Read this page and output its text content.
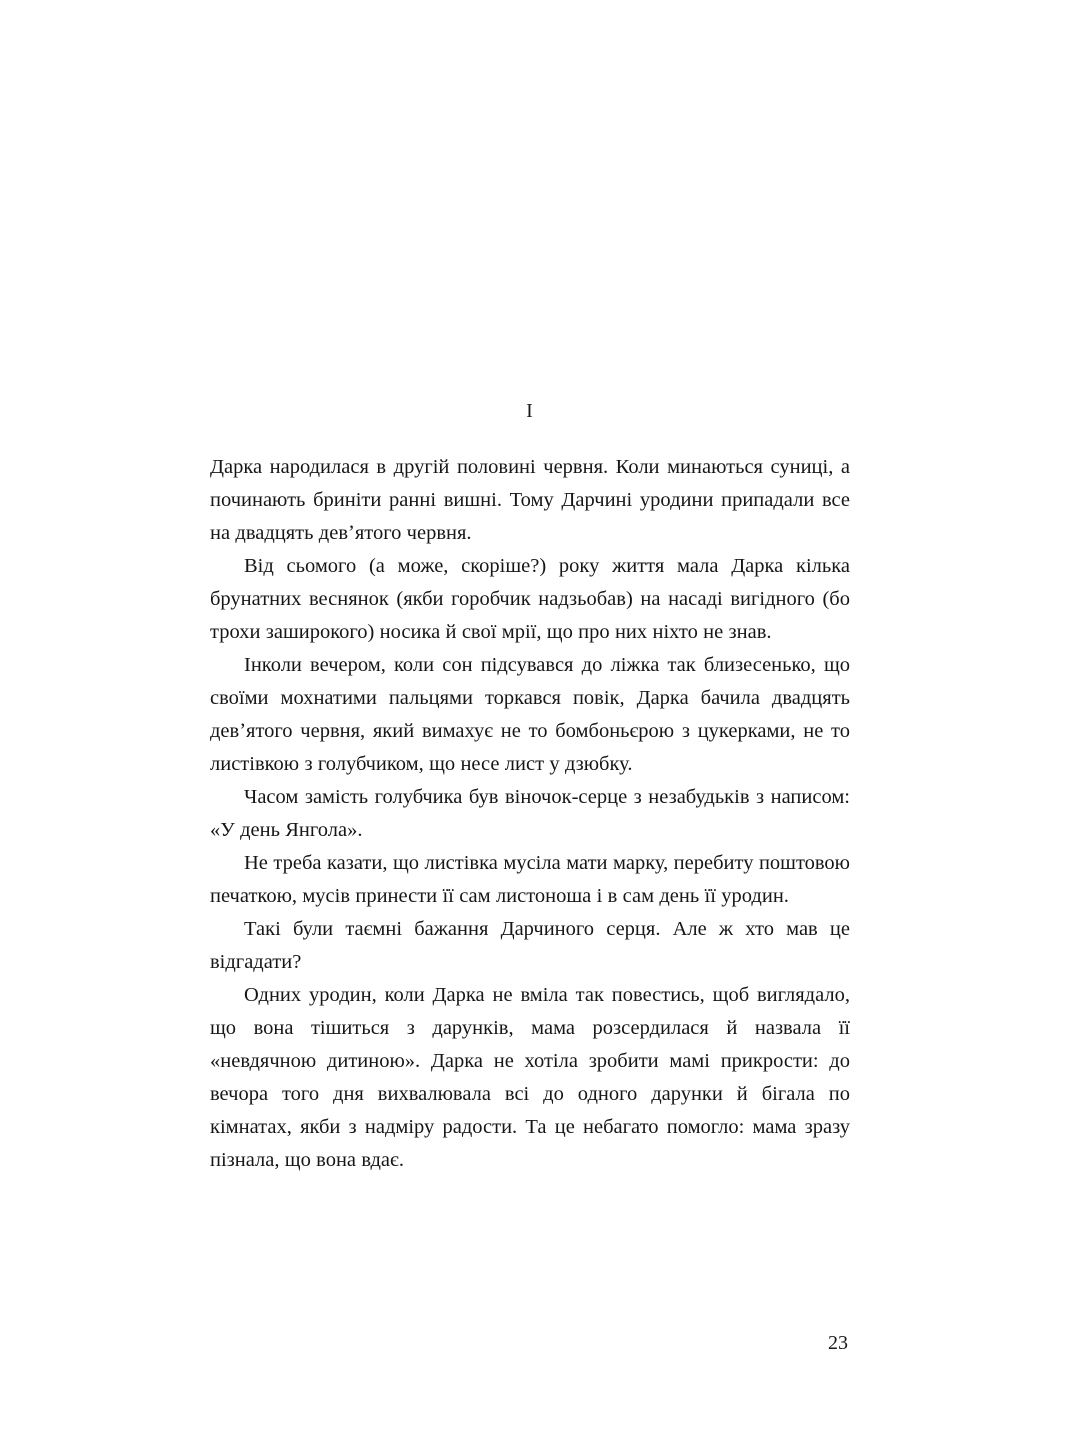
I

Дарка народилася в другій половині червня. Коли минаються суниці, а починають бриніти ранні вишні. Тому Дарчині уродини припадали все на двадцять девʼятого червня.

Від сьомого (а може, скоріше?) року життя мала Дарка кілька брунатних веснянок (якби горобчик надзьобав) на насаді вигідного (бо трохи заширокого) носика й свої мрії, що про них ніхто не знав.

Інколи вечером, коли сон підсувався до ліжка так близесенько, що своїми мохнатими пальцями торкався повік, Дарка бачила двадцять девʼятого червня, який вимахує не то бомбоньєрою з цукерками, не то листівкою з голубчиком, що несе лист у дзюбку.

Часом замість голубчика був віночок-серце з незабудьків з написом: «У день Янгола».

Не треба казати, що листівка мусіла мати марку, перебиту поштовою печаткою, мусів принести її сам листоноша і в сам день її уродин.

Такі були таємні бажання Дарчиного серця. Але ж хто мав це відгадати?

Одних уродин, коли Дарка не вміла так повестись, щоб виглядало, що вона тішиться з дарунків, мама розсердилася й назвала її «невдячною дитиною». Дарка не хотіла зробити мамі прикрости: до вечора того дня вихвалювала всі до одного дарунки й бігала по кімнатах, якби з надміру радости. Та це небагато помогло: мама зразу пізнала, що вона вдає.

23
